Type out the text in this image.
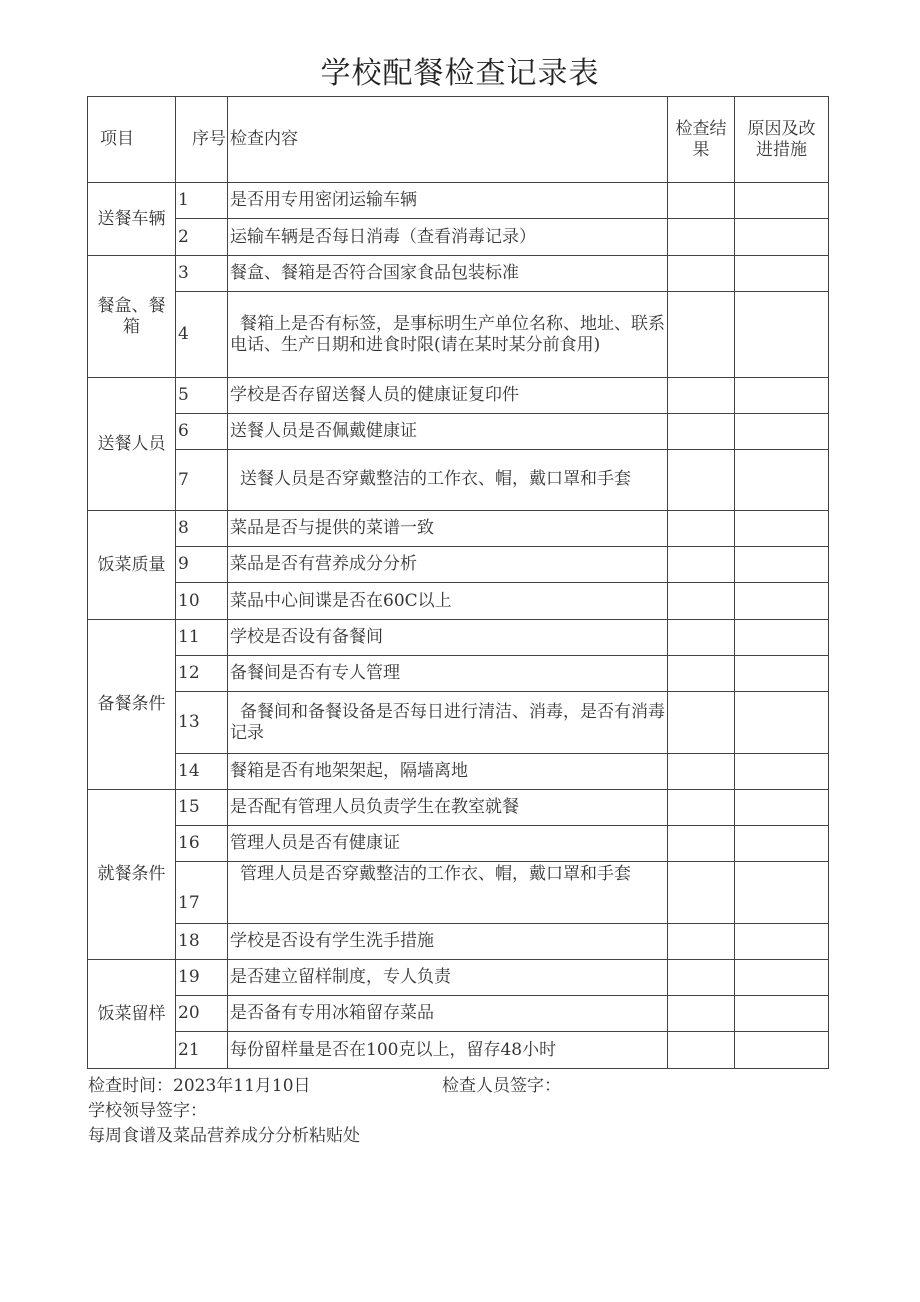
学校配餐检查记录表
项目	序号	检查内容	检查结果	原因及改进措施
送餐车辆	1	是否用专用密闭运输车辆		
	2	运输车辆是否每日消毒（查看消毒记录）		
餐盒、餐箱	3	餐盒、餐箱是否符合国家食品包装标准		
	4	餐箱上是否有标签，是事标明生产单位名称、地址、联系电话、生产日期和进食时限(请在某时某分前食用)		
送餐人员	5	学校是否存留送餐人员的健康证复印件		
	6	送餐人员是否佩戴健康证		
	7	送餐人员是否穿戴整洁的工作衣、帽，戴口罩和手套		
饭菜质量	8	菜品是否与提供的菜谱一致		
	9	菜品是否有营养成分分析		
	10	菜品中心间谍是否在60C以上		
备餐条件	11	学校是否设有备餐间		
	12	备餐间是否有专人管理		
	13	备餐间和备餐设备是否每日进行清洁、消毒，是否有消毒记录		
	14	餐箱是否有地架架起，隔墙离地		
就餐条件	15	是否配有管理人员负责学生在教室就餐		
	16	管理人员是否有健康证		
	17	管理人员是否穿戴整洁的工作衣、帽，戴口罩和手套		
	18	学校是否设有学生洗手措施		
饭菜留样	19	是否建立留样制度，专人负责		
	20	是否备有专用冰箱留存菜品		
	21	每份留样量是否在100克以上，留存48小时		
检查时间：2023年11月10日	检查人员签字：
学校领导签字：
每周食谱及菜品营养成分分析粘贴处
